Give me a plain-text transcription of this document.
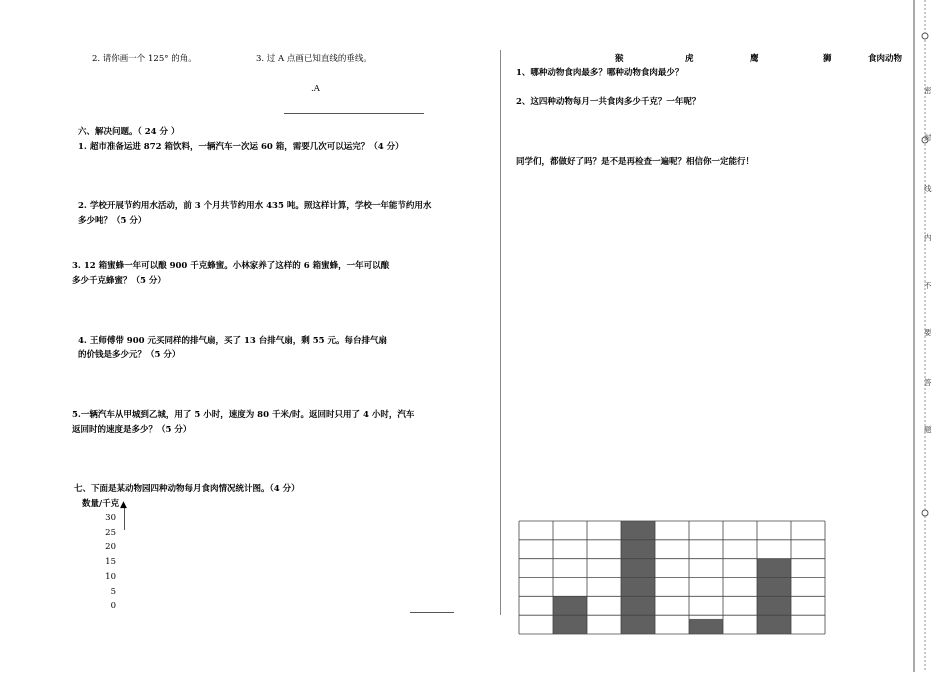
2. 请你画一个 125° 的角。	3. 过 A 点画已知直线的垂线。
.A
六、解决问题。（ 24 分 ）
1. 超市准备运进 872 箱饮料，一辆汽车一次运 60 箱，需要几次可以运完？（4 分）
2. 学校开展节约用水活动，前 3 个月共节约用水 435 吨。照这样计算，学校一年能节约用水
多少吨？（5 分）
3. 12 箱蜜蜂一年可以酿 900 千克蜂蜜。小林家养了这样的 6 箱蜜蜂，一年可以酿
多少千克蜂蜜？（5 分）
4. 王师傅带 900 元买同样的排气扇，买了 13 台排气扇，剩 55 元。每台排气扇
的价钱是多少元？（5 分）
5.一辆汽车从甲城到乙城，用了 5 小时，速度为 80 千米/时。返回时只用了 4 小时，汽车
返回时的速度是多少？（5 分）
七、下面是某动物园四种动物每月食肉情况统计图。（4 分）
数量/千克
30
25
20
15
10
5
0
▲
猴	虎	鹰	狮	食肉动物
1、哪种动物食肉最多？哪种动物食肉最少？
2、这四种动物每月一共食肉多少千克？一年呢？
同学们，都做好了吗？是不是再检查一遍呢？相信你一定能行！
密
封
线
内
不
要
答
题
